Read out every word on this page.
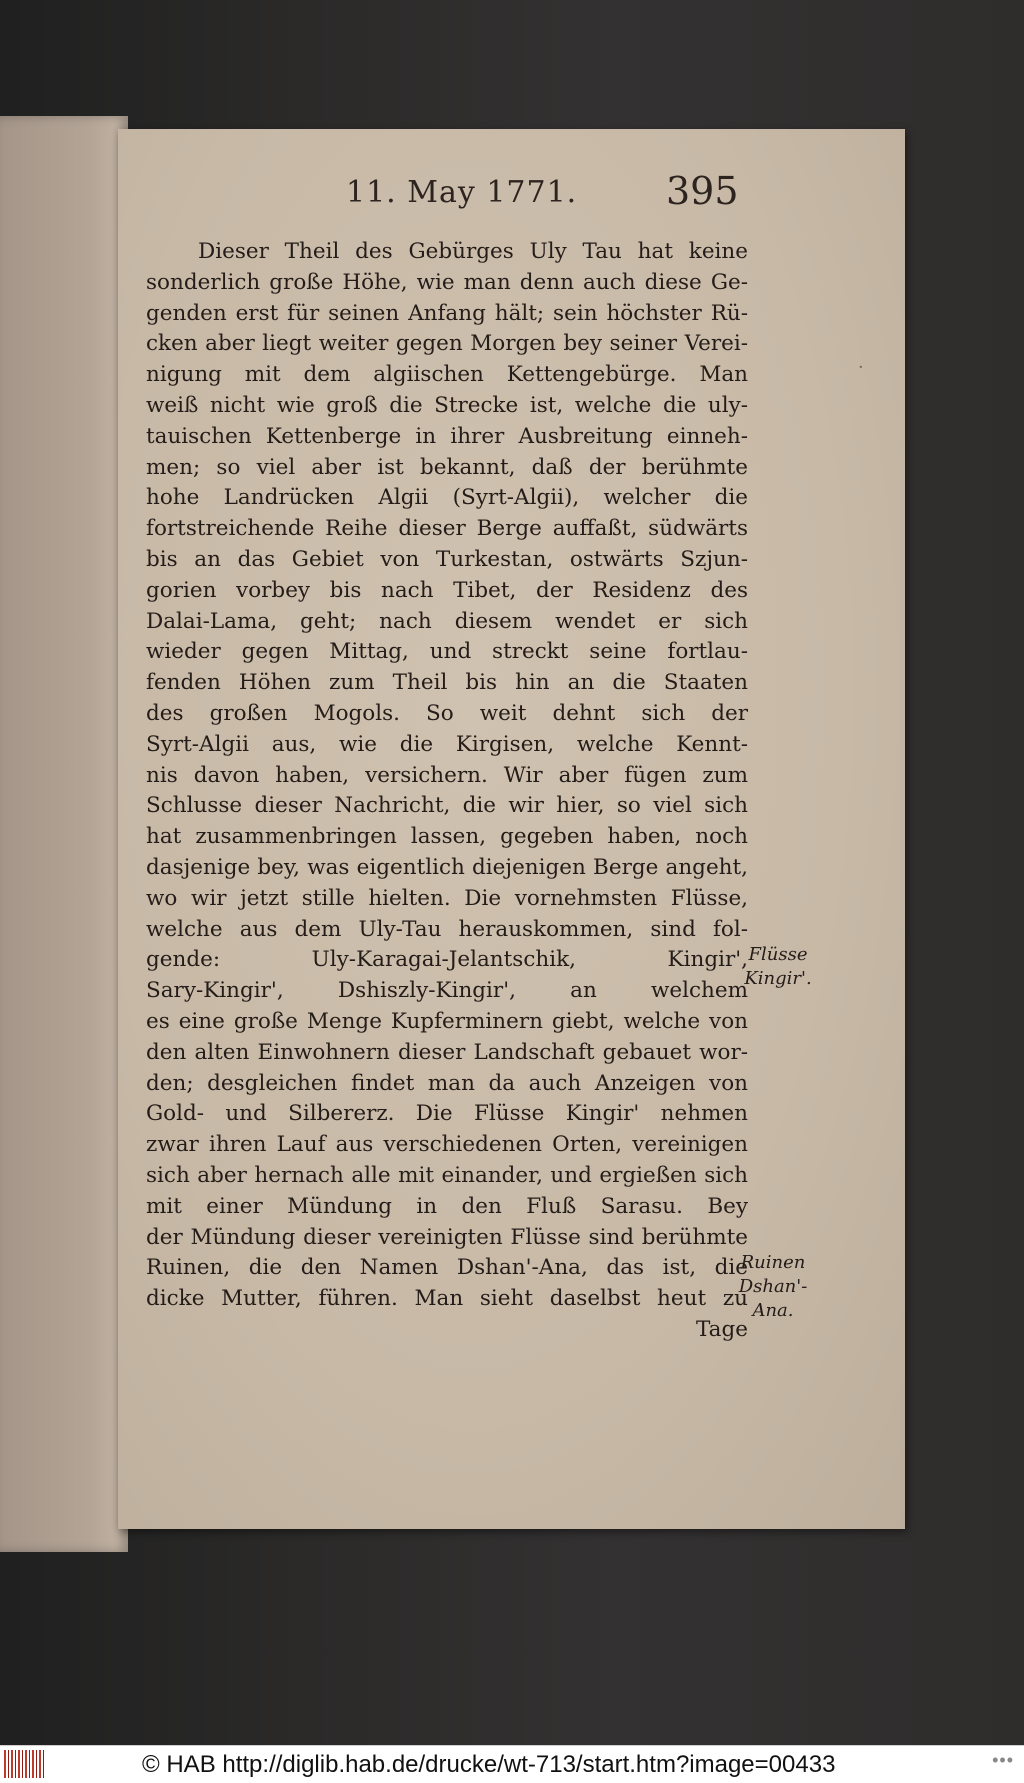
·
11. May 1771. 395
Dieser Theil des Gebürges Uly Tau hat keine
sonderlich große Höhe, wie man denn auch diese Ge-
genden erst für seinen Anfang hält; sein höchster Rü-
cken aber liegt weiter gegen Morgen bey seiner Verei-
nigung mit dem algiischen Kettengebürge. Man
weiß nicht wie groß die Strecke ist, welche die uly-
tauischen Kettenberge in ihrer Ausbreitung einneh-
men; so viel aber ist bekannt, daß der berühmte
hohe Landrücken Algii (Syrt-Algii), welcher die
fortstreichende Reihe dieser Berge auffaßt, südwärts
bis an das Gebiet von Turkestan, ostwärts Szjun-
gorien vorbey bis nach Tibet, der Residenz des
Dalai-Lama, geht; nach diesem wendet er sich
wieder gegen Mittag, und streckt seine fortlau-
fenden Höhen zum Theil bis hin an die Staaten
des großen Mogols. So weit dehnt sich der
Syrt-Algii aus, wie die Kirgisen, welche Kennt-
nis davon haben, versichern. Wir aber fügen zum
Schlusse dieser Nachricht, die wir hier, so viel sich
hat zusammenbringen lassen, gegeben haben, noch
dasjenige bey, was eigentlich diejenigen Berge angeht,
wo wir jetzt stille hielten. Die vornehmsten Flüsse,
welche aus dem Uly-Tau herauskommen, sind fol-
gende: Uly-Karagai-Jelantschik, Kingir',
Sary-Kingir', Dshiszly-Kingir', an welchem
es eine große Menge Kupferminern giebt, welche von
den alten Einwohnern dieser Landschaft gebauet wor-
den; desgleichen findet man da auch Anzeigen von
Gold- und Silbererz. Die Flüsse Kingir' nehmen
zwar ihren Lauf aus verschiedenen Orten, vereinigen
sich aber hernach alle mit einander, und ergießen sich
mit einer Mündung in den Fluß Sarasu. Bey
der Mündung dieser vereinigten Flüsse sind berühmte
Ruinen, die den Namen Dshan'-Ana, das ist, die
dicke Mutter, führen. Man sieht daselbst heut zu
Tage
Flüsse
Kingir'.
Ruinen
Dshan'-
Ana.
© HAB http://diglib.hab.de/drucke/wt-713/start.htm?image=00433	•••
